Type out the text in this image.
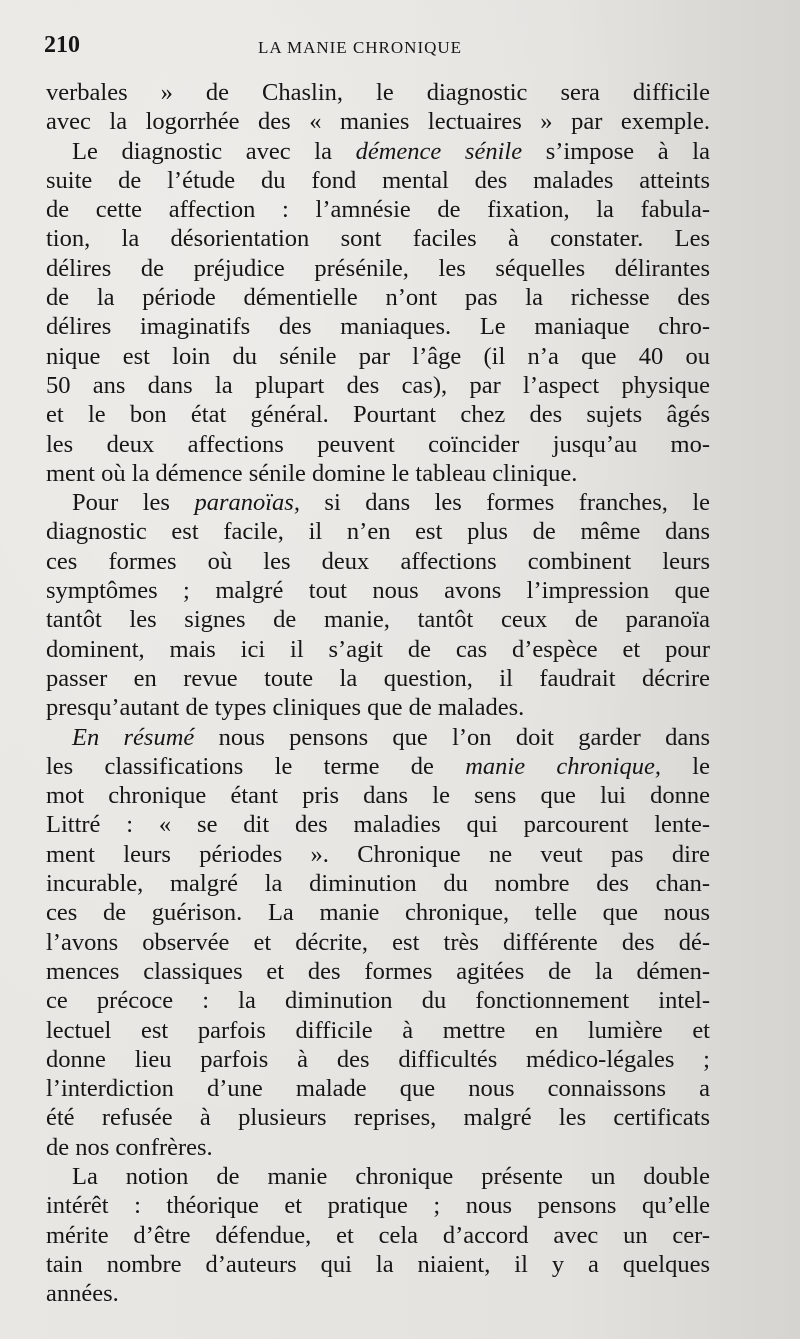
210	LA MANIE CHRONIQUE

verbales » de Chaslin, le diagnostic sera difficile

avec la logorrhée des « manies lectuaires » par exemple.

Le diagnostic avec la démence sénile s’impose à la

suite de l’étude du fond mental des malades atteints

de cette affection : l’amnésie de fixation, la fabula-

tion, la désorientation sont faciles à constater. Les

délires de préjudice présénile, les séquelles délirantes

de la période démentielle n’ont pas la richesse des

délires imaginatifs des maniaques. Le maniaque chro-

nique est loin du sénile par l’âge (il n’a que 40 ou

50 ans dans la plupart des cas), par l’aspect physique

et le bon état général. Pourtant chez des sujets âgés

les deux affections peuvent coïncider jusqu’au mo-

ment où la démence sénile domine le tableau clinique.

Pour les paranoïas, si dans les formes franches, le

diagnostic est facile, il n’en est plus de même dans

ces formes où les deux affections combinent leurs

symptômes ; malgré tout nous avons l’impression que

tantôt les signes de manie, tantôt ceux de paranoïa

dominent, mais ici il s’agit de cas d’espèce et pour

passer en revue toute la question, il faudrait décrire

presqu’autant de types cliniques que de malades.

En résumé nous pensons que l’on doit garder dans

les classifications le terme de manie chronique, le

mot chronique étant pris dans le sens que lui donne

Littré : « se dit des maladies qui parcourent lente-

ment leurs périodes ». Chronique ne veut pas dire

incurable, malgré la diminution du nombre des chan-

ces de guérison. La manie chronique, telle que nous

l’avons observée et décrite, est très différente des dé-

mences classiques et des formes agitées de la démen-

ce précoce : la diminution du fonctionnement intel-

lectuel est parfois difficile à mettre en lumière et

donne lieu parfois à des difficultés médico-légales ;

l’interdiction d’une malade que nous connaissons a

été refusée à plusieurs reprises, malgré les certificats

de nos confrères.

La notion de manie chronique présente un double

intérêt : théorique et pratique ; nous pensons qu’elle

mérite d’être défendue, et cela d’accord avec un cer-

tain nombre d’auteurs qui la niaient, il y a quelques

années.
